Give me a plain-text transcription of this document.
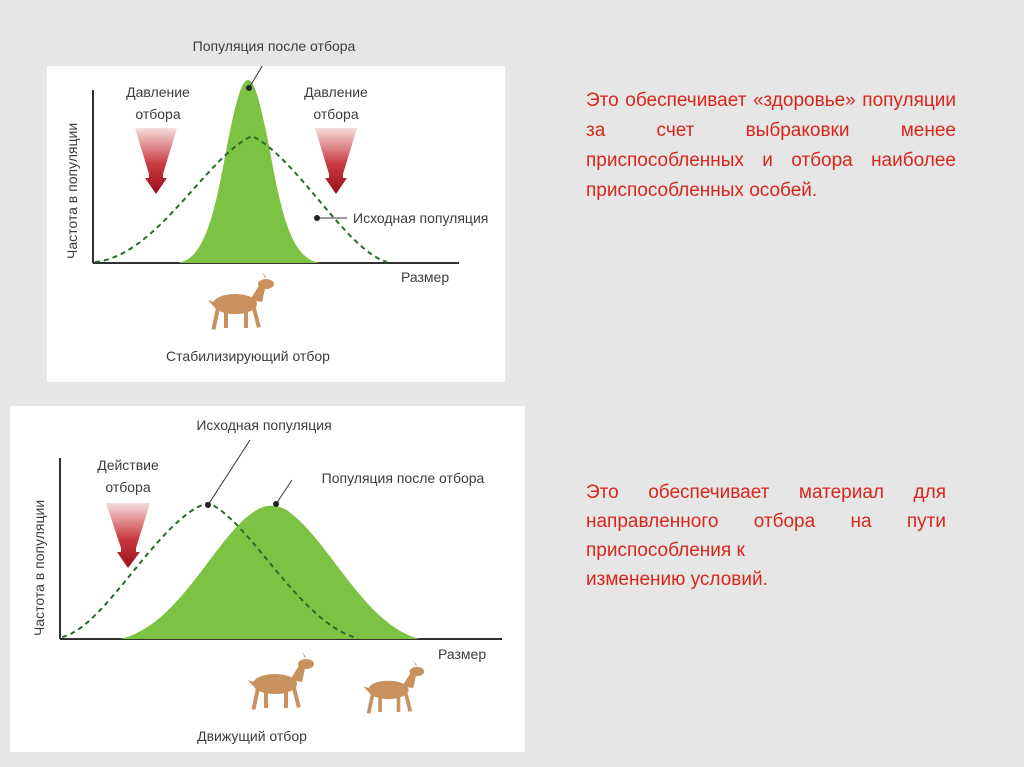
Давление
отбора
Давление
отбора
Исходная популяция
Размер
Частота в популяции
Стабилизирующий отбор
Популяция после отбора
Исходная популяция
Действие
отбора
Популяция после отбора
Размер
Частота в популяции
Движущий отбор
Это обеспечивает «здоровье» популяции за счет выбраковки менее приспособленных и отбора наиболее приспособленных особей.
Это обеспечивает материал для
направленного отбора на пути
приспособления к
изменению условий.
